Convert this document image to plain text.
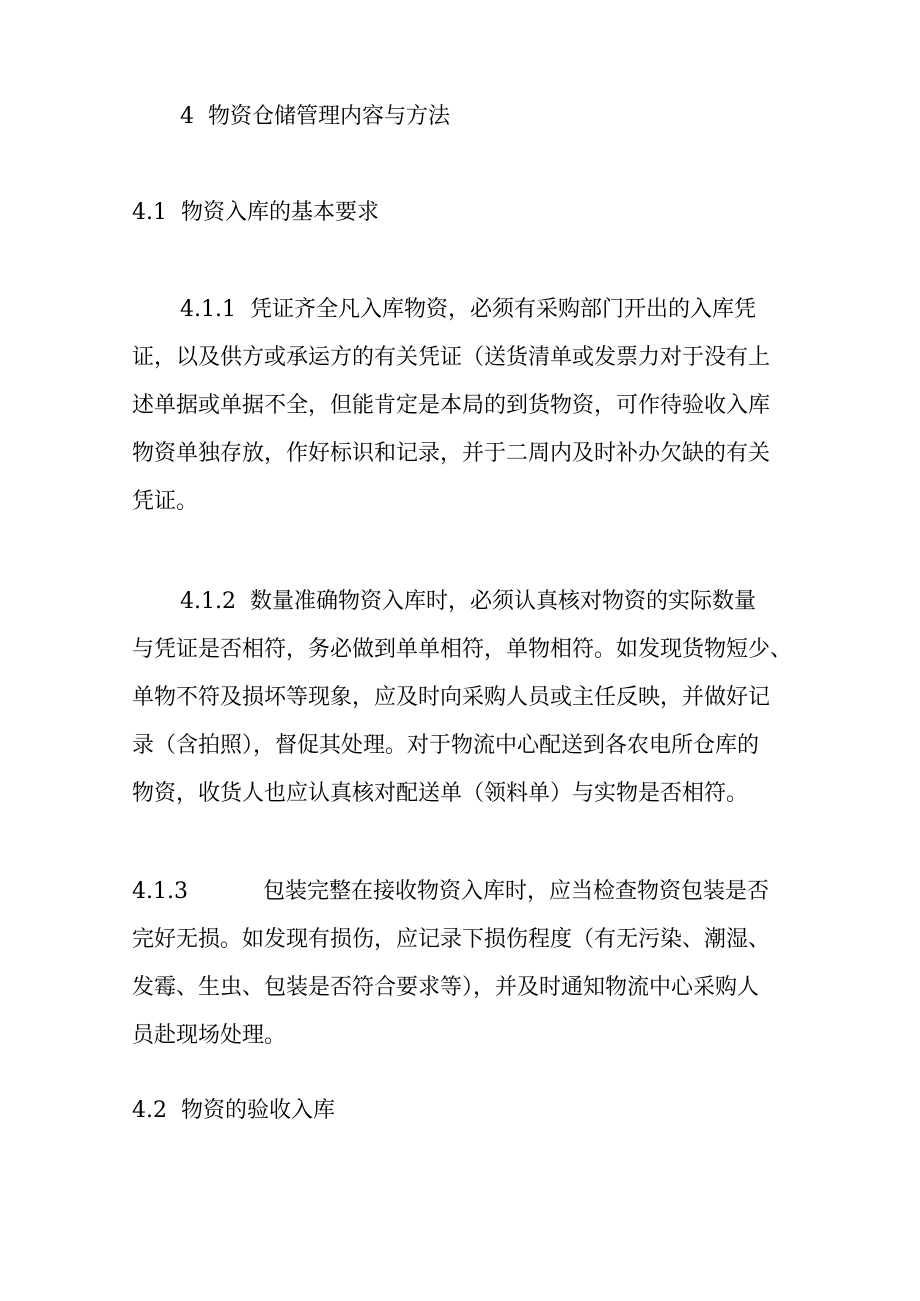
4 物资仓储管理内容与方法
4.1 物资入库的基本要求
4.1.1 凭证齐全凡入库物资，必须有采购部门开出的入库凭
证，以及供方或承运方的有关凭证（送货清单或发票力对于没有上
述单据或单据不全，但能肯定是本局的到货物资，可作待验收入库
物资单独存放，作好标识和记录，并于二周内及时补办欠缺的有关
凭证。
4.1.2 数量准确物资入库时，必须认真核对物资的实际数量
与凭证是否相符，务必做到单单相符，单物相符。如发现货物短少、
单物不符及损坏等现象，应及时向采购人员或主任反映，并做好记
录（含拍照），督促其处理。对于物流中心配送到各农电所仓库的
物资，收货人也应认真核对配送单（领料单）与实物是否相符。
4.1.3	包装完整在接收物资入库时，应当检查物资包装是否
完好无损。如发现有损伤，应记录下损伤程度（有无污染、潮湿、
发霉、生虫、包装是否符合要求等），并及时通知物流中心采购人
员赴现场处理。
4.2 物资的验收入库
